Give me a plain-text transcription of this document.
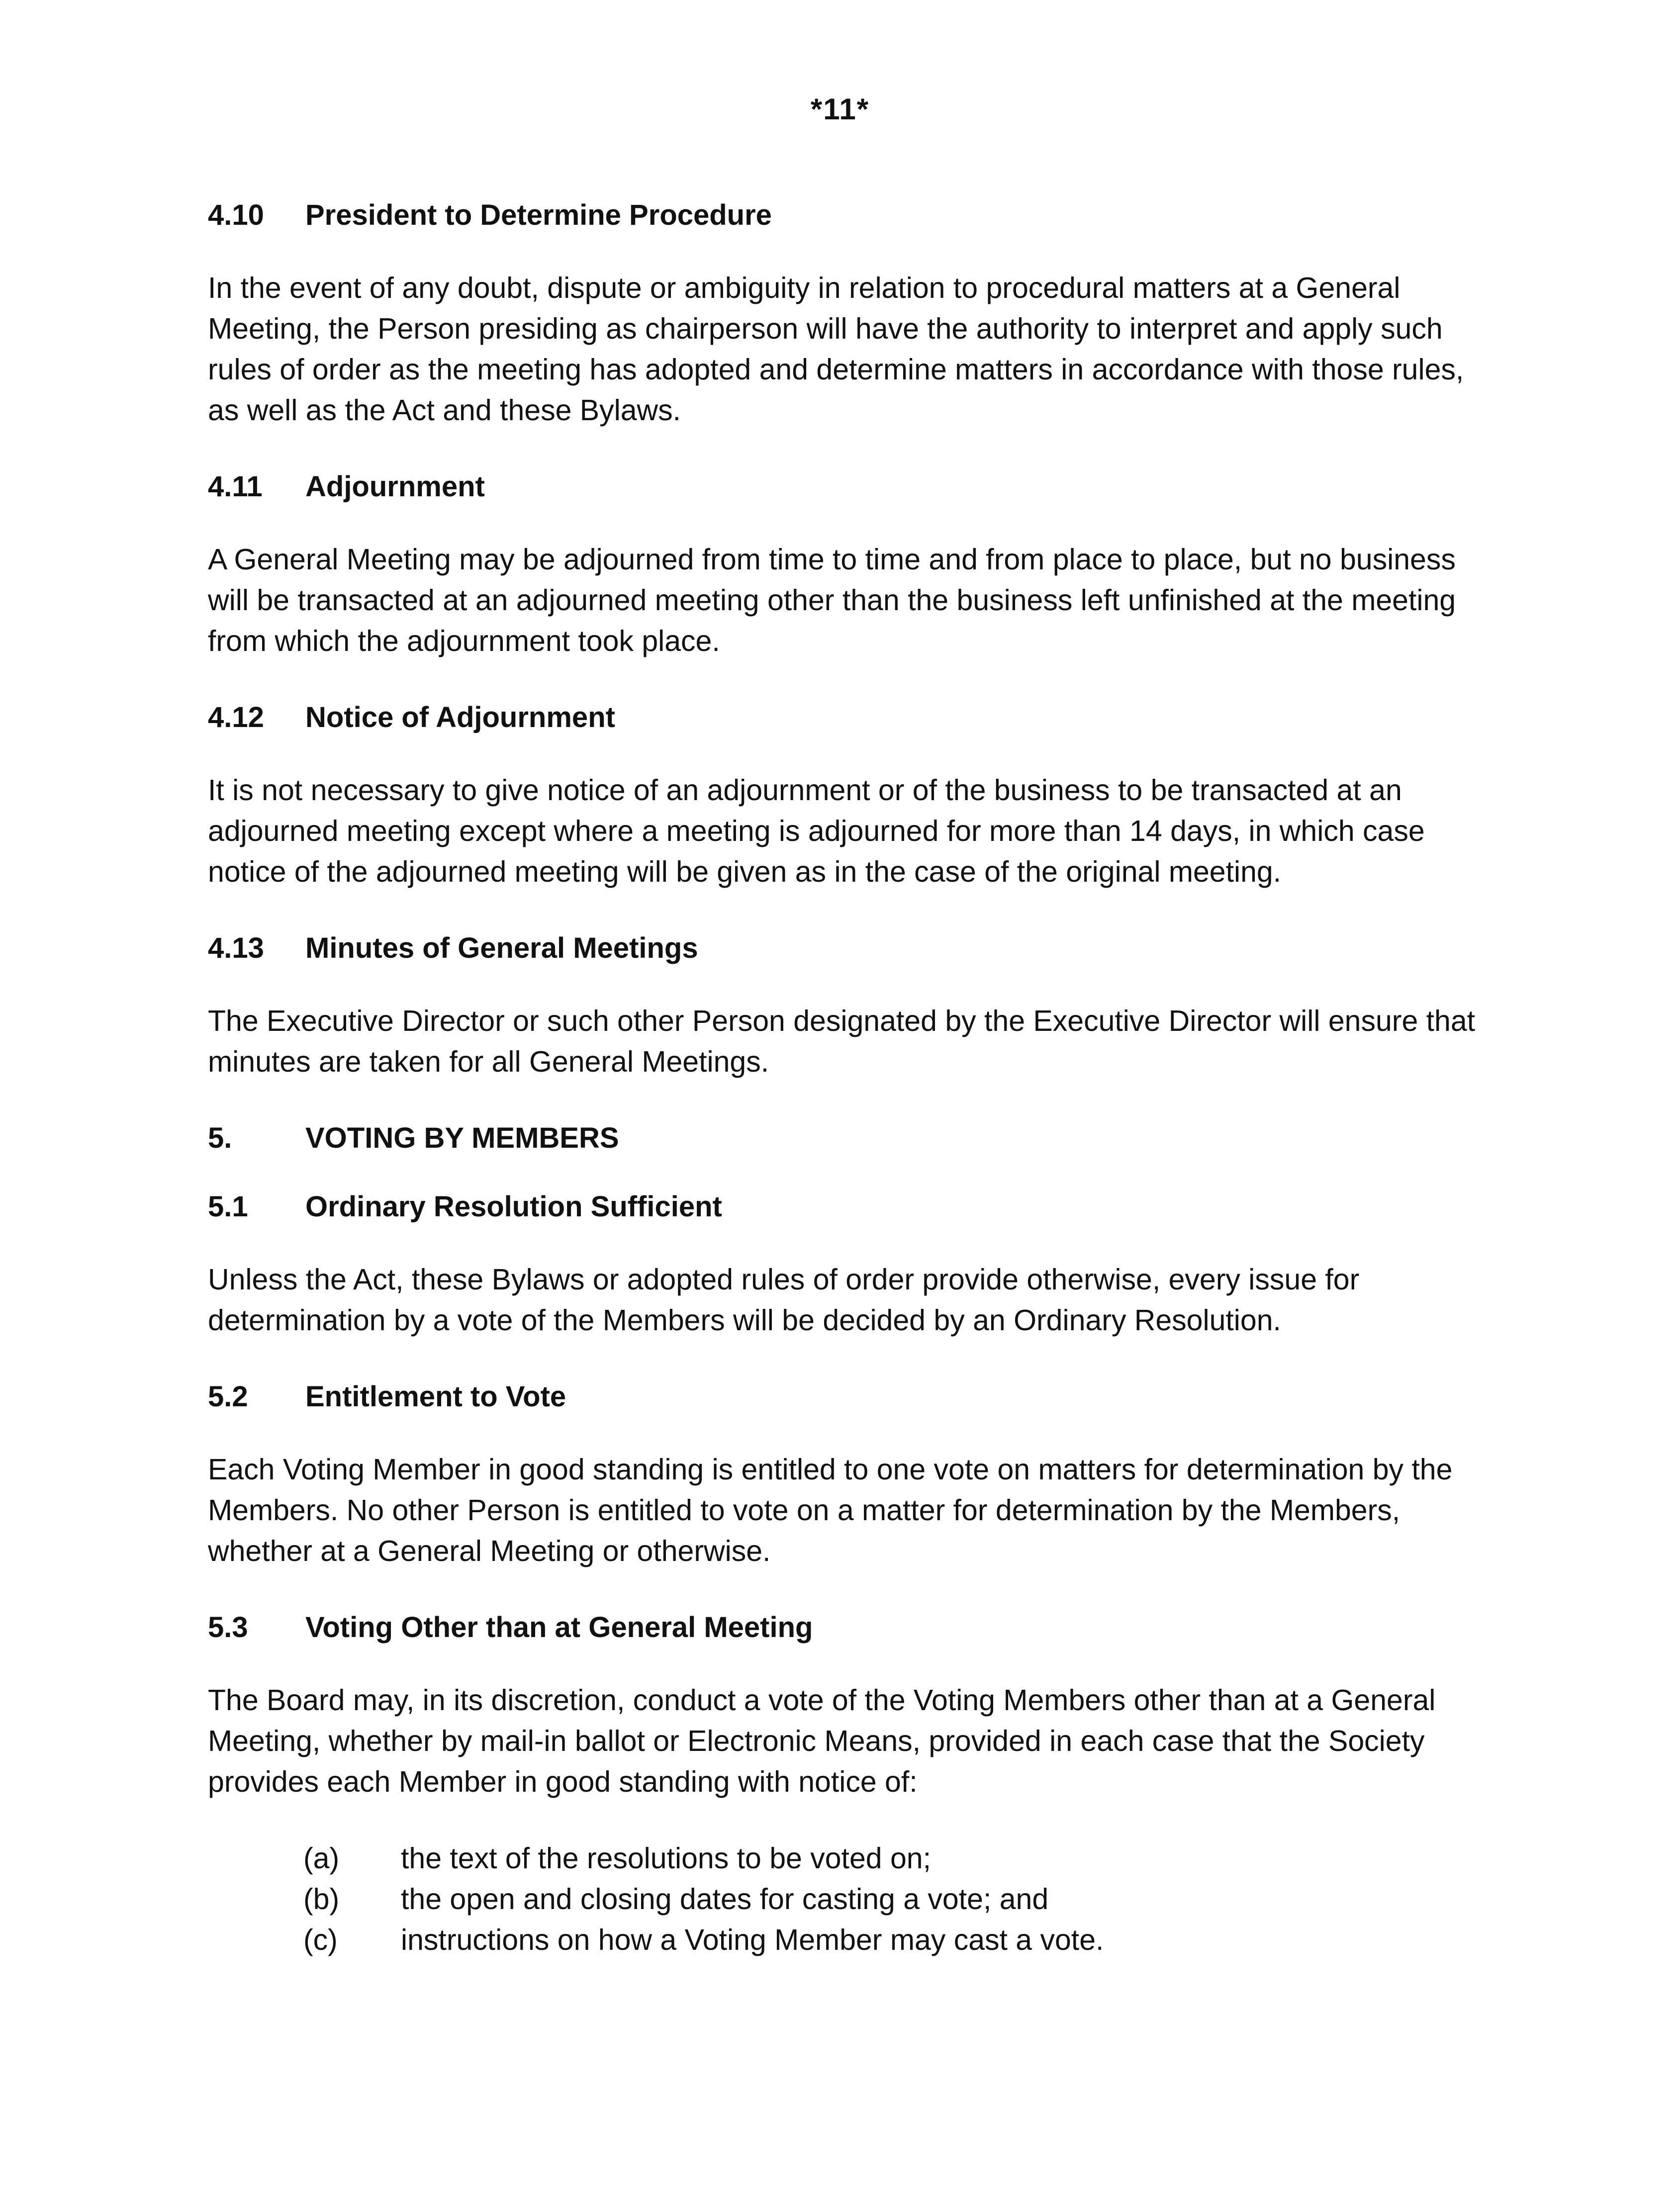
*11*
4.10	President to Determine Procedure

In the event of any doubt, dispute or ambiguity in relation to procedural matters at a General Meeting, the Person presiding as chairperson will have the authority to interpret and apply such rules of order as the meeting has adopted and determine matters in accordance with those rules, as well as the Act and these Bylaws.

4.11	Adjournment

A General Meeting may be adjourned from time to time and from place to place, but no business will be transacted at an adjourned meeting other than the business left unfinished at the meeting from which the adjournment took place.

4.12	Notice of Adjournment

It is not necessary to give notice of an adjournment or of the business to be transacted at an adjourned meeting except where a meeting is adjourned for more than 14 days, in which case notice of the adjourned meeting will be given as in the case of the original meeting.

4.13	Minutes of General Meetings

The Executive Director or such other Person designated by the Executive Director will ensure that minutes are taken for all General Meetings.

5.	VOTING BY MEMBERS
5.1	Ordinary Resolution Sufficient

Unless the Act, these Bylaws or adopted rules of order provide otherwise, every issue for determination by a vote of the Members will be decided by an Ordinary Resolution.

5.2	Entitlement to Vote

Each Voting Member in good standing is entitled to one vote on matters for determination by the Members. No other Person is entitled to vote on a matter for determination by the Members, whether at a General Meeting or otherwise.

5.3	Voting Other than at General Meeting

The Board may, in its discretion, conduct a vote of the Voting Members other than at a General Meeting, whether by mail-in ballot or Electronic Means, provided in each case that the Society provides each Member in good standing with notice of:

(a)	the text of the resolutions to be voted on;
(b)	the open and closing dates for casting a vote; and
(c)	instructions on how a Voting Member may cast a vote.
